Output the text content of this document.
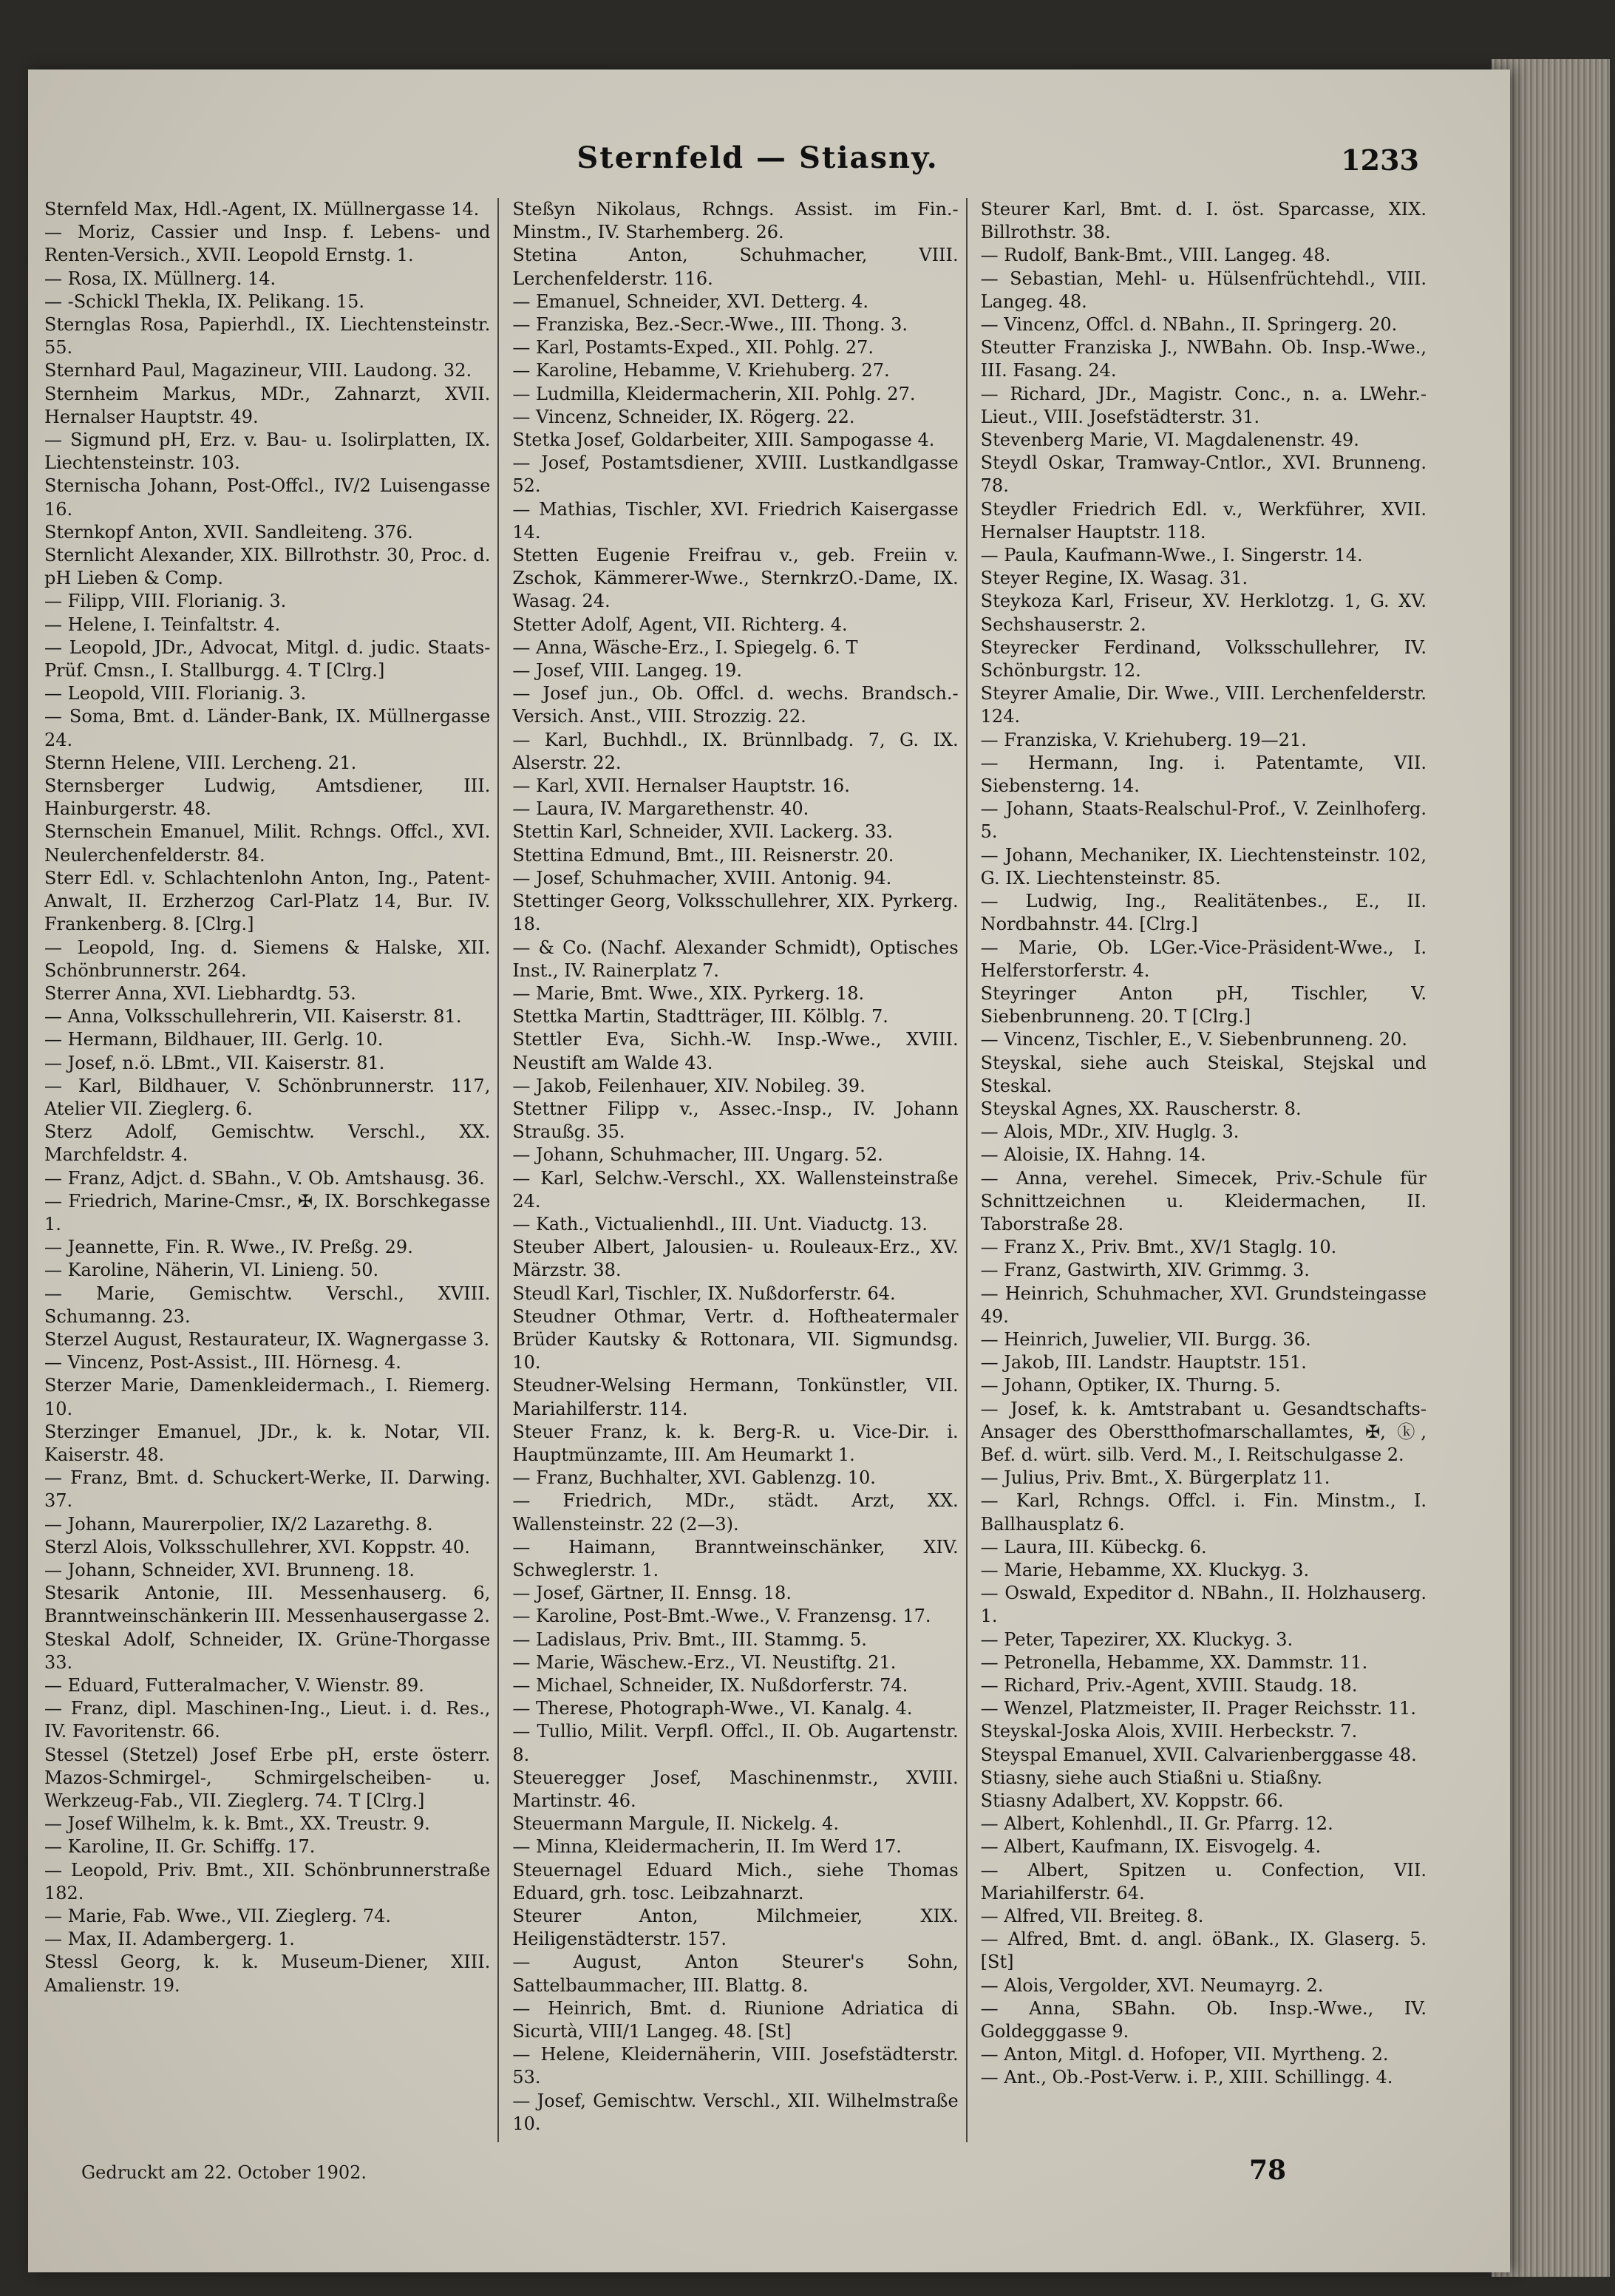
Sternfeld — Stiasny.	1233

Sternfeld Max, Hdl.-Agent, IX. Müllnergasse 14.

— Moriz, Cassier und Insp. f. Lebens- und Renten-Versich., XVII. Leopold Ernstg. 1.

— Rosa, IX. Müllnerg. 14.

— -Schickl Thekla, IX. Pelikang. 15.

Sternglas Rosa, Papierhdl., IX. Liechtensteinstr. 55.

Sternhard Paul, Magazineur, VIII. Laudong. 32.

Sternheim Markus, MDr., Zahnarzt, XVII. Hernalser Hauptstr. 49.

— Sigmund pH, Erz. v. Bau- u. Isolirplatten, IX. Liechtensteinstr. 103.

Sternischa Johann, Post-Offcl., IV/2 Luisengasse 16.

Sternkopf Anton, XVII. Sandleiteng. 376.

Sternlicht Alexander, XIX. Billrothstr. 30, Proc. d. pH Lieben & Comp.

— Filipp, VIII. Florianig. 3.

— Helene, I. Teinfaltstr. 4.

— Leopold, JDr., Advocat, Mitgl. d. judic. Staats-Prüf. Cmsn., I. Stallburgg. 4. T [Clrg.]

— Leopold, VIII. Florianig. 3.

— Soma, Bmt. d. Länder-Bank, IX. Müllnergasse 24.

Sternn Helene, VIII. Lercheng. 21.

Sternsberger Ludwig, Amtsdiener, III. Hainburgerstr. 48.

Sternschein Emanuel, Milit. Rchngs. Offcl., XVI. Neulerchenfelderstr. 84.

Sterr Edl. v. Schlachtenlohn Anton, Ing., Patent-Anwalt, II. Erzherzog Carl-Platz 14, Bur. IV. Frankenberg. 8. [Clrg.]

— Leopold, Ing. d. Siemens & Halske, XII. Schönbrunnerstr. 264.

Sterrer Anna, XVI. Liebhardtg. 53.

— Anna, Volksschullehrerin, VII. Kaiserstr. 81.

— Hermann, Bildhauer, III. Gerlg. 10.

— Josef, n.ö. LBmt., VII. Kaiserstr. 81.

— Karl, Bildhauer, V. Schönbrunnerstr. 117, Atelier VII. Zieglerg. 6.

Sterz Adolf, Gemischtw. Verschl., XX. Marchfeldstr. 4.

— Franz, Adjct. d. SBahn., V. Ob. Amtshausg. 36.

— Friedrich, Marine-Cmsr., ✠, IX. Borschkegasse 1.

— Jeannette, Fin. R. Wwe., IV. Preßg. 29.

— Karoline, Näherin, VI. Linieng. 50.

— Marie, Gemischtw. Verschl., XVIII. Schumanng. 23.

Sterzel August, Restaurateur, IX. Wagnergasse 3.

— Vincenz, Post-Assist., III. Hörnesg. 4.

Sterzer Marie, Damenkleidermach., I. Riemerg. 10.

Sterzinger Emanuel, JDr., k. k. Notar, VII. Kaiserstr. 48.

— Franz, Bmt. d. Schuckert-Werke, II. Darwing. 37.

— Johann, Maurerpolier, IX/2 Lazarethg. 8.

Sterzl Alois, Volksschullehrer, XVI. Koppstr. 40.

— Johann, Schneider, XVI. Brunneng. 18.

Stesarik Antonie, III. Messenhauserg. 6, Branntweinschänkerin III. Messenhausergasse 2.

Steskal Adolf, Schneider, IX. Grüne-Thorgasse 33.

— Eduard, Futteralmacher, V. Wienstr. 89.

— Franz, dipl. Maschinen-Ing., Lieut. i. d. Res., IV. Favoritenstr. 66.

Stessel (Stetzel) Josef Erbe pH, erste österr. Mazos-Schmirgel-, Schmirgelscheiben- u. Werkzeug-Fab., VII. Zieglerg. 74. T [Clrg.]

— Josef Wilhelm, k. k. Bmt., XX. Treustr. 9.

— Karoline, II. Gr. Schiffg. 17.

— Leopold, Priv. Bmt., XII. Schönbrunnerstraße 182.

— Marie, Fab. Wwe., VII. Zieglerg. 74.

— Max, II. Adambergerg. 1.

Stessl Georg, k. k. Museum-Diener, XIII. Amalienstr. 19.

Steßyn Nikolaus, Rchngs. Assist. im Fin.-Minstm., IV. Starhemberg. 26.

Stetina Anton, Schuhmacher, VIII. Lerchenfelderstr. 116.

— Emanuel, Schneider, XVI. Detterg. 4.

— Franziska, Bez.-Secr.-Wwe., III. Thong. 3.

— Karl, Postamts-Exped., XII. Pohlg. 27.

— Karoline, Hebamme, V. Kriehuberg. 27.

— Ludmilla, Kleidermacherin, XII. Pohlg. 27.

— Vincenz, Schneider, IX. Rögerg. 22.

Stetka Josef, Goldarbeiter, XIII. Sampogasse 4.

— Josef, Postamtsdiener, XVIII. Lustkandlgasse 52.

— Mathias, Tischler, XVI. Friedrich Kaisergasse 14.

Stetten Eugenie Freifrau v., geb. Freiin v. Zschok, Kämmerer-Wwe., SternkrzO.-Dame, IX. Wasag. 24.

Stetter Adolf, Agent, VII. Richterg. 4.

— Anna, Wäsche-Erz., I. Spiegelg. 6. T

— Josef, VIII. Langeg. 19.

— Josef jun., Ob. Offcl. d. wechs. Brandsch.-Versich. Anst., VIII. Strozzig. 22.

— Karl, Buchhdl., IX. Brünnlbadg. 7, G. IX. Alserstr. 22.

— Karl, XVII. Hernalser Hauptstr. 16.

— Laura, IV. Margarethenstr. 40.

Stettin Karl, Schneider, XVII. Lackerg. 33.

Stettina Edmund, Bmt., III. Reisnerstr. 20.

— Josef, Schuhmacher, XVIII. Antonig. 94.

Stettinger Georg, Volksschullehrer, XIX. Pyrkerg. 18.

— & Co. (Nachf. Alexander Schmidt), Optisches Inst., IV. Rainerplatz 7.

— Marie, Bmt. Wwe., XIX. Pyrkerg. 18.

Stettka Martin, Stadtträger, III. Kölblg. 7.

Stettler Eva, Sichh.-W. Insp.-Wwe., XVIII. Neustift am Walde 43.

— Jakob, Feilenhauer, XIV. Nobileg. 39.

Stettner Filipp v., Assec.-Insp., IV. Johann Straußg. 35.

— Johann, Schuhmacher, III. Ungarg. 52.

— Karl, Selchw.-Verschl., XX. Wallensteinstraße 24.

— Kath., Victualienhdl., III. Unt. Viaductg. 13.

Steuber Albert, Jalousien- u. Rouleaux-Erz., XV. Märzstr. 38.

Steudl Karl, Tischler, IX. Nußdorferstr. 64.

Steudner Othmar, Vertr. d. Hoftheatermaler Brüder Kautsky & Rottonara, VII. Sigmundsg. 10.

Steudner-Welsing Hermann, Tonkünstler, VII. Mariahilferstr. 114.

Steuer Franz, k. k. Berg-R. u. Vice-Dir. i. Hauptmünzamte, III. Am Heumarkt 1.

— Franz, Buchhalter, XVI. Gablenzg. 10.

— Friedrich, MDr., städt. Arzt, XX. Wallensteinstr. 22 (2—3).

— Haimann, Branntweinschänker, XIV. Schweglerstr. 1.

— Josef, Gärtner, II. Ennsg. 18.

— Karoline, Post-Bmt.-Wwe., V. Franzensg. 17.

— Ladislaus, Priv. Bmt., III. Stammg. 5.

— Marie, Wäschew.-Erz., VI. Neustiftg. 21.

— Michael, Schneider, IX. Nußdorferstr. 74.

— Therese, Photograph-Wwe., VI. Kanalg. 4.

— Tullio, Milit. Verpfl. Offcl., II. Ob. Augartenstr. 8.

Steueregger Josef, Maschinenmstr., XVIII. Martinstr. 46.

Steuermann Margule, II. Nickelg. 4.

— Minna, Kleidermacherin, II. Im Werd 17.

Steuernagel Eduard Mich., siehe Thomas Eduard, grh. tosc. Leibzahnarzt.

Steurer Anton, Milchmeier, XIX. Heiligenstädterstr. 157.

— August, Anton Steurer's Sohn, Sattelbaummacher, III. Blattg. 8.

— Heinrich, Bmt. d. Riunione Adriatica di Sicurtà, VIII/1 Langeg. 48. [St]

— Helene, Kleidernäherin, VIII. Josefstädterstr. 53.

— Josef, Gemischtw. Verschl., XII. Wilhelmstraße 10.

Steurer Karl, Bmt. d. I. öst. Sparcasse, XIX. Billrothstr. 38.

— Rudolf, Bank-Bmt., VIII. Langeg. 48.

— Sebastian, Mehl- u. Hülsenfrüchtehdl., VIII. Langeg. 48.

— Vincenz, Offcl. d. NBahn., II. Springerg. 20.

Steutter Franziska J., NWBahn. Ob. Insp.-Wwe., III. Fasang. 24.

— Richard, JDr., Magistr. Conc., n. a. LWehr.-Lieut., VIII. Josefstädterstr. 31.

Stevenberg Marie, VI. Magdalenenstr. 49.

Steydl Oskar, Tramway-Cntlor., XVI. Brunneng. 78.

Steydler Friedrich Edl. v., Werkführer, XVII. Hernalser Hauptstr. 118.

— Paula, Kaufmann-Wwe., I. Singerstr. 14.

Steyer Regine, IX. Wasag. 31.

Steykoza Karl, Friseur, XV. Herklotzg. 1, G. XV. Sechshauserstr. 2.

Steyrecker Ferdinand, Volksschullehrer, IV. Schönburgstr. 12.

Steyrer Amalie, Dir. Wwe., VIII. Lerchenfelderstr. 124.

— Franziska, V. Kriehuberg. 19—21.

— Hermann, Ing. i. Patentamte, VII. Siebensterng. 14.

— Johann, Staats-Realschul-Prof., V. Zeinlhoferg. 5.

— Johann, Mechaniker, IX. Liechtensteinstr. 102, G. IX. Liechtensteinstr. 85.

— Ludwig, Ing., Realitätenbes., E., II. Nordbahnstr. 44. [Clrg.]

— Marie, Ob. LGer.-Vice-Präsident-Wwe., I. Helferstorferstr. 4.

Steyringer Anton pH, Tischler, V. Siebenbrunneng. 20. T [Clrg.]

— Vincenz, Tischler, E., V. Siebenbrunneng. 20.

Steyskal, siehe auch Steiskal, Stejskal und Steskal.

Steyskal Agnes, XX. Rauscherstr. 8.

— Alois, MDr., XIV. Huglg. 3.

— Aloisie, IX. Hahng. 14.

— Anna, verehel. Simecek, Priv.-Schule für Schnittzeichnen u. Kleidermachen, II. Taborstraße 28.

— Franz X., Priv. Bmt., XV/1 Staglg. 10.

— Franz, Gastwirth, XIV. Grimmg. 3.

— Heinrich, Schuhmacher, XVI. Grundsteingasse 49.

— Heinrich, Juwelier, VII. Burgg. 36.

— Jakob, III. Landstr. Hauptstr. 151.

— Johann, Optiker, IX. Thurng. 5.

— Josef, k. k. Amtstrabant u. Gesandtschafts-Ansager des Oberstthofmarschallamtes, ✠, ⓚ, Bef. d. würt. silb. Verd. M., I. Reitschulgasse 2.

— Julius, Priv. Bmt., X. Bürgerplatz 11.

— Karl, Rchngs. Offcl. i. Fin. Minstm., I. Ballhausplatz 6.

— Laura, III. Kübeckg. 6.

— Marie, Hebamme, XX. Kluckyg. 3.

— Oswald, Expeditor d. NBahn., II. Holzhauserg. 1.

— Peter, Tapezirer, XX. Kluckyg. 3.

— Petronella, Hebamme, XX. Dammstr. 11.

— Richard, Priv.-Agent, XVIII. Staudg. 18.

— Wenzel, Platzmeister, II. Prager Reichsstr. 11.

Steyskal-Joska Alois, XVIII. Herbeckstr. 7.

Steyspal Emanuel, XVII. Calvarienberggasse 48.

Stiasny, siehe auch Stiaßni u. Stiaßny.

Stiasny Adalbert, XV. Koppstr. 66.

— Albert, Kohlenhdl., II. Gr. Pfarrg. 12.

— Albert, Kaufmann, IX. Eisvogelg. 4.

— Albert, Spitzen u. Confection, VII. Mariahilferstr. 64.

— Alfred, VII. Breiteg. 8.

— Alfred, Bmt. d. angl. öBank., IX. Glaserg. 5. [St]

— Alois, Vergolder, XVI. Neumayrg. 2.

— Anna, SBahn. Ob. Insp.-Wwe., IV. Goldegggasse 9.

— Anton, Mitgl. d. Hofoper, VII. Myrtheng. 2.

— Ant., Ob.-Post-Verw. i. P., XIII. Schillingg. 4.

Gedruckt am 22. October 1902.	78
